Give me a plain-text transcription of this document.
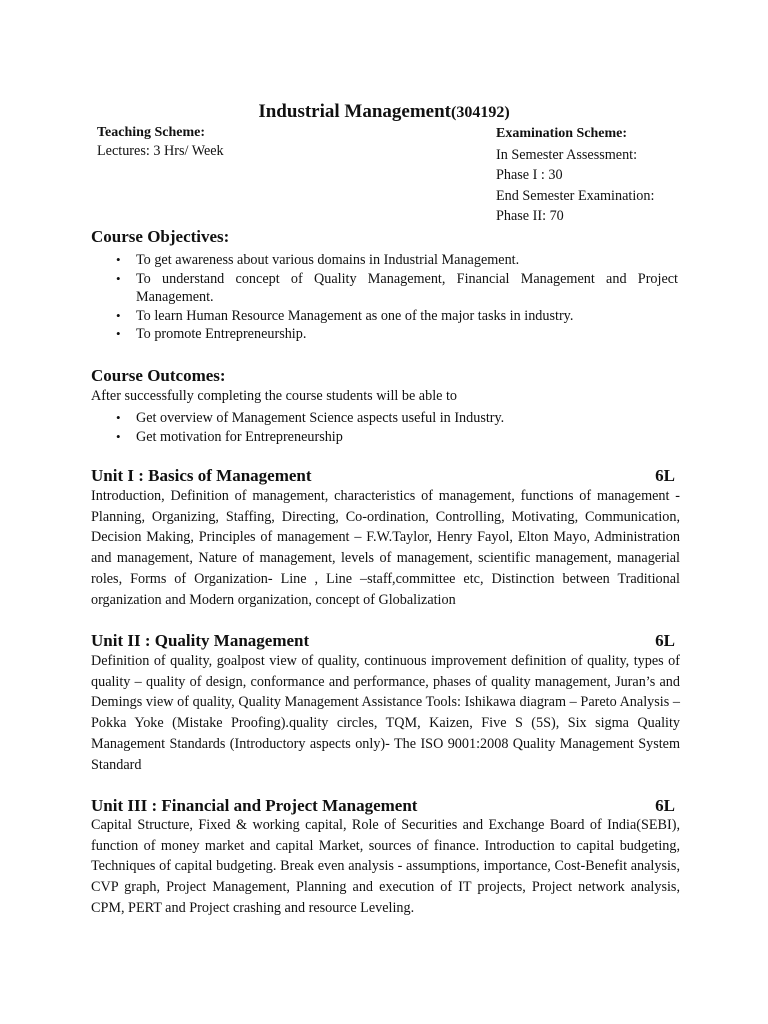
Industrial Management(304192)
Teaching Scheme:
Lectures: 3 Hrs/ Week
Examination Scheme:
In Semester Assessment:
Phase I : 30
End Semester Examination:
Phase II: 70
Course Objectives:
• To get awareness about various domains in Industrial Management.
• To understand concept of Quality Management, Financial Management and Project Management.
• To learn Human Resource Management as one of the major tasks in industry.
• To promote Entrepreneurship.
Course Outcomes:
After successfully completing the course students will be able to
• Get overview of Management Science aspects useful in Industry.
• Get motivation for Entrepreneurship
Unit I : Basics of Management	6L
Introduction, Definition of management, characteristics of management, functions of management - Planning, Organizing, Staffing, Directing, Co-ordination, Controlling, Motivating, Communication, Decision Making, Principles of management – F.W.Taylor, Henry Fayol, Elton Mayo, Administration and management, Nature of management, levels of management, scientific management, managerial roles, Forms of Organization- Line , Line –staff,committee etc, Distinction between Traditional organization and Modern organization, concept of Globalization
Unit II : Quality Management	6L
Definition of quality, goalpost view of quality, continuous improvement definition of quality, types of quality – quality of design, conformance and performance, phases of quality management, Juran’s and Demings view of quality, Quality Management Assistance Tools: Ishikawa diagram – Pareto Analysis – Pokka Yoke (Mistake Proofing).quality circles, TQM, Kaizen, Five S (5S), Six sigma Quality Management Standards (Introductory aspects only)- The ISO 9001:2008 Quality Management System Standard
Unit III : Financial and Project Management	6L
Capital Structure, Fixed & working capital, Role of Securities and Exchange Board of India(SEBI), function of money market and capital Market, sources of finance. Introduction to capital budgeting, Techniques of capital budgeting. Break even analysis - assumptions, importance, Cost-Benefit analysis, CVP graph, Project Management, Planning and execution of IT projects, Project network analysis, CPM, PERT and Project crashing and resource Leveling.
